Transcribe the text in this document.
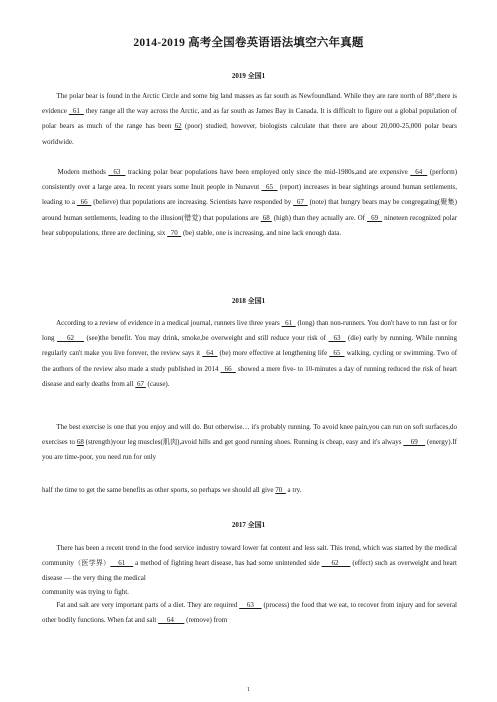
2014-2019 高考全国卷英语语法填空六年真题
2019 全国1
　　The polar bear is found in the Arctic Circle and some big land masses as far south as Newfoundland. While they are rare north of 88°,there is evidence   61   they range all the way across the Arctic, and as far south as James Bay in Canada. It is difficult to figure out a global population of polar bears as much of the range has been 62 (poor) studied; however, biologists calculate that there are about 20,000-25,000 polar bears worldwide.
　　Modern methods   63   tracking polar bear populations have been employed only since the mid-1980s,and are expensive   64   (perform) consistently over a large area. In recent years some Inuit people in Nunavut   65   (report) increases in bear sightings around human settlements, leading to a   66   (believe) that populations are increasing. Scientists have responded by   67   (note) that hungry bears may be congregating(聚集) around human settlements, leading to the illusion(错觉) that populations are  68  (high) than they actually are. Of   69   nineteen recognized polar bear subpopulations, three are declining, six   70   (be) stable, one is increasing, and nine lack enough data.
2018 全国1
　　According to a review of evidence in a medical journal, runners live three years   61   (long) than non-runners. You don't have to run fast or for long     62     (see)the benefit. You may drink, smoke,be overweight and still reduce your risk of   63   (die) early by running. While running regularly can't make you live forever, the review says it   64   (be) more effective at lengthening life   65   walking, cycling or swimming. Two of the authors of the review also made a study published in 2014   66   showed a mere five- to 10-minutes a day of running reduced the risk of heart disease and early deaths from all  67  (cause).
　　The best exercise is one that you enjoy and will do. But otherwise… it's probably running. To avoid knee pain,you can run on soft surfaces,do exercises to 68 (strength)your leg muscles(肌肉),avoid hills and get good running shoes. Running is cheap, easy and it's always     69     (energy).If you are time-poor, you need run for only
half the time to get the same benefits as other sports, so perhaps we should all give 70   a try.
2017 全国1
　　There has been a recent trend in the food service industry toward lower fat content and less salt. This trend, which was started by the medical community（医学界）    61     a method of fighting heart disease, has had some unintended side      62       (effect) such as overweight and heart disease — the very thing the medical
community was trying to fight.
　　Fat and salt are very important parts of a diet. They are required     63     (process) the food that we eat, to recover from injury and for several other bodily functions. When fat and salt      64       (remove) from
1
